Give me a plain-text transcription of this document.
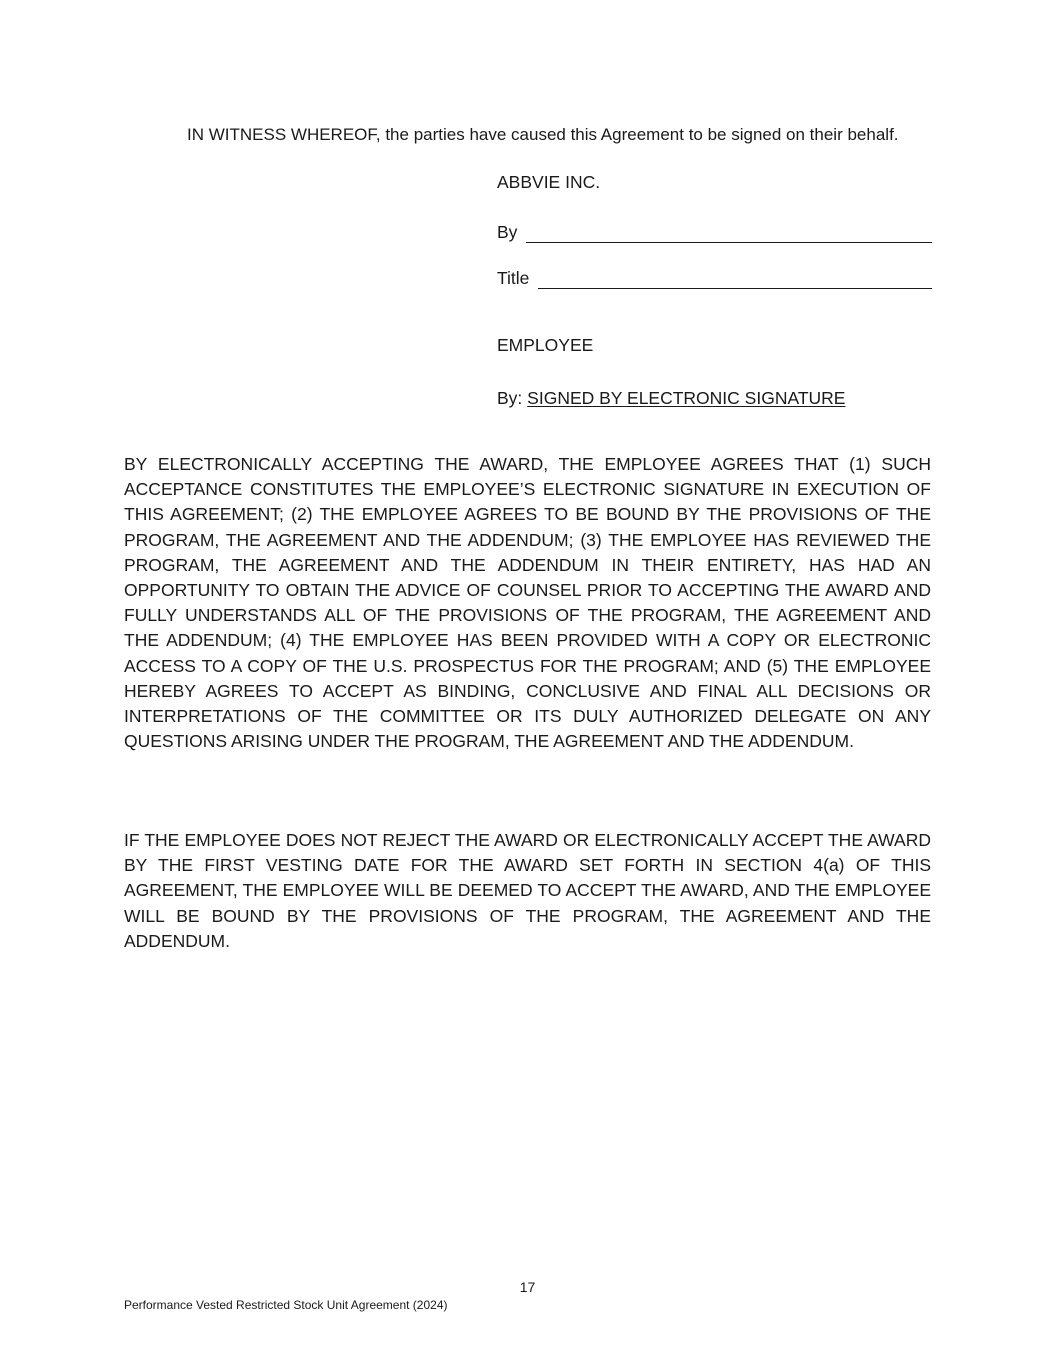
IN WITNESS WHEREOF, the parties have caused this Agreement to be signed on their behalf.
ABBVIE INC.
By
Title
EMPLOYEE
By: SIGNED BY ELECTRONIC SIGNATURE

BY ELECTRONICALLY ACCEPTING THE AWARD, THE EMPLOYEE AGREES THAT (1) SUCH ACCEPTANCE CONSTITUTES THE EMPLOYEE’S ELECTRONIC SIGNATURE IN EXECUTION OF THIS AGREEMENT; (2) THE EMPLOYEE AGREES TO BE BOUND BY THE PROVISIONS OF THE PROGRAM, THE AGREEMENT AND THE ADDENDUM; (3) THE EMPLOYEE HAS REVIEWED THE PROGRAM, THE AGREEMENT AND THE ADDENDUM IN THEIR ENTIRETY, HAS HAD AN OPPORTUNITY TO OBTAIN THE ADVICE OF COUNSEL PRIOR TO ACCEPTING THE AWARD AND FULLY UNDERSTANDS ALL OF THE PROVISIONS OF THE PROGRAM, THE AGREEMENT AND THE ADDENDUM; (4) THE EMPLOYEE HAS BEEN PROVIDED WITH A COPY OR ELECTRONIC ACCESS TO A COPY OF THE U.S. PROSPECTUS FOR THE PROGRAM; AND (5) THE EMPLOYEE HEREBY AGREES TO ACCEPT AS BINDING, CONCLUSIVE AND FINAL ALL DECISIONS OR INTERPRETATIONS OF THE COMMITTEE OR ITS DULY AUTHORIZED DELEGATE ON ANY QUESTIONS ARISING UNDER THE PROGRAM, THE AGREEMENT AND THE ADDENDUM.

IF THE EMPLOYEE DOES NOT REJECT THE AWARD OR ELECTRONICALLY ACCEPT THE AWARD BY THE FIRST VESTING DATE FOR THE AWARD SET FORTH IN SECTION 4(a) OF THIS AGREEMENT, THE EMPLOYEE WILL BE DEEMED TO ACCEPT THE AWARD, AND THE EMPLOYEE WILL BE BOUND BY THE PROVISIONS OF THE PROGRAM, THE AGREEMENT AND THE ADDENDUM.

17
Performance Vested Restricted Stock Unit Agreement (2024)
